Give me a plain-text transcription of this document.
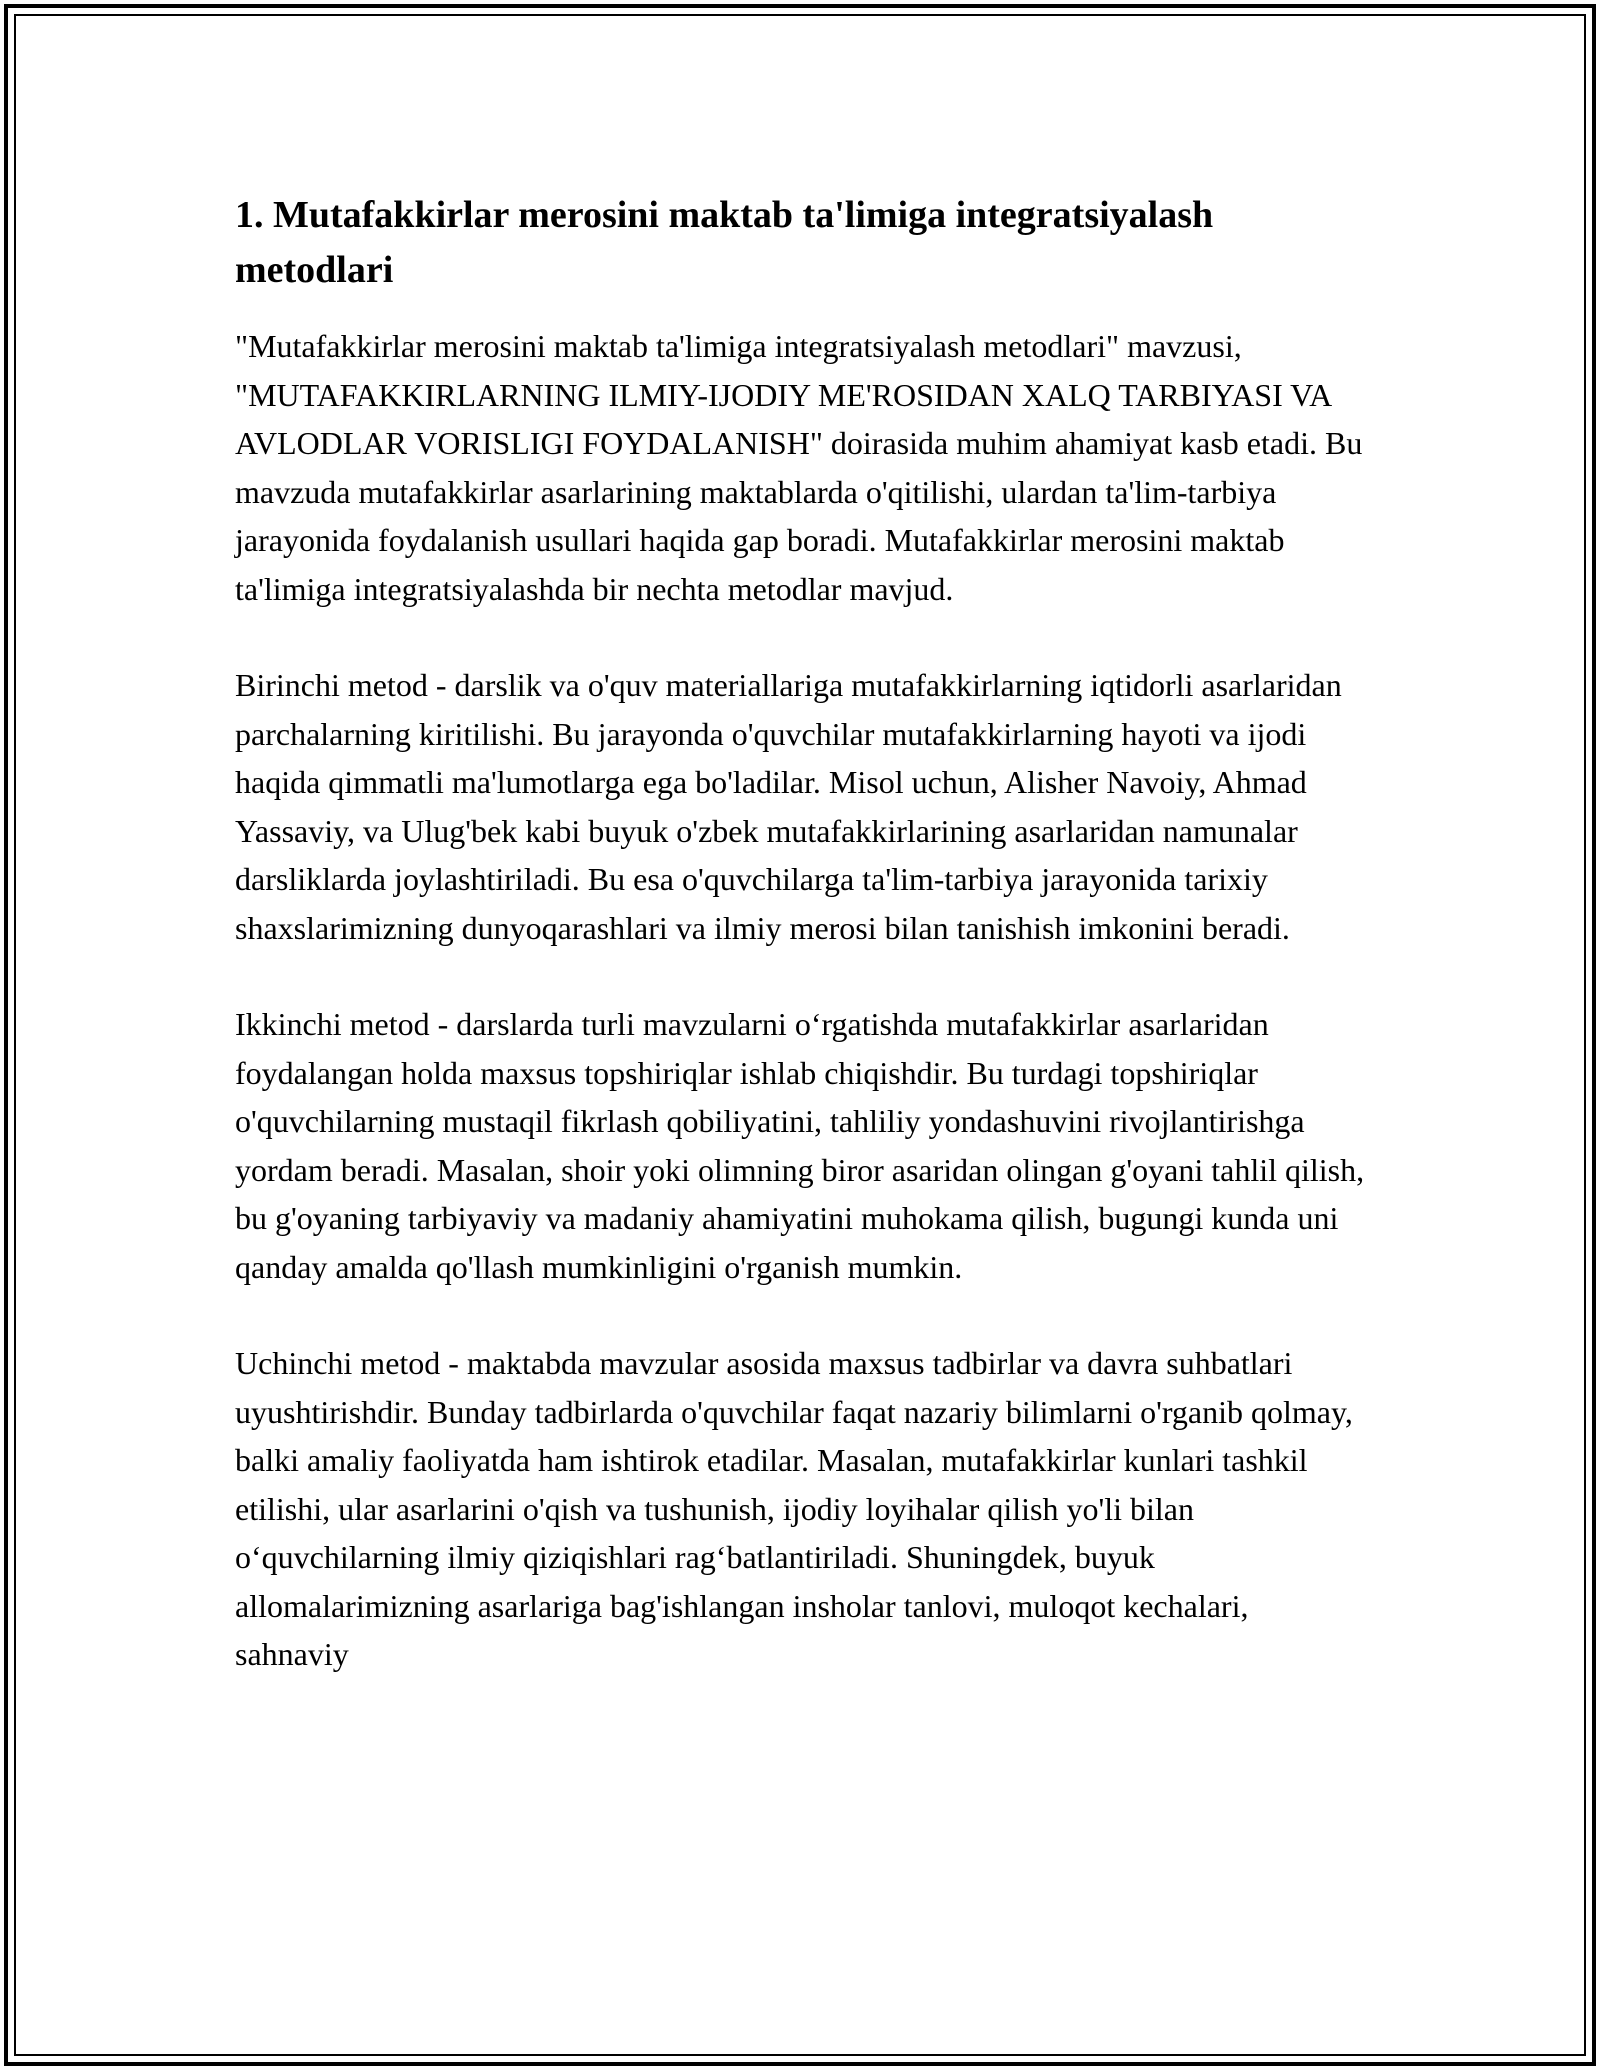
1. Mutafakkirlar merosini maktab ta'limiga integratsiyalash metodlari

"Mutafakkirlar merosini maktab ta'limiga integratsiyalash metodlari" mavzusi, "MUTAFAKKIRLARNING ILMIY-IJODIY ME'ROSIDAN XALQ TARBIYASI VA AVLODLAR VORISLIGI FOYDALANISH" doirasida muhim ahamiyat kasb etadi. Bu mavzuda mutafakkirlar asarlarining maktablarda o'qitilishi, ulardan ta'lim-tarbiya jarayonida foydalanish usullari haqida gap boradi. Mutafakkirlar merosini maktab ta'limiga integratsiyalashda bir nechta metodlar mavjud.

Birinchi metod - darslik va o'quv materiallariga mutafakkirlarning iqtidorli asarlaridan parchalarning kiritilishi. Bu jarayonda o'quvchilar mutafakkirlarning hayoti va ijodi haqida qimmatli ma'lumotlarga ega bo'ladilar. Misol uchun, Alisher Navoiy, Ahmad Yassaviy, va Ulug'bek kabi buyuk o'zbek mutafakkirlarining asarlaridan namunalar darsliklarda joylashtiriladi. Bu esa o'quvchilarga ta'lim-tarbiya jarayonida tarixiy shaxslarimizning dunyoqarashlari va ilmiy merosi bilan tanishish imkonini beradi.

Ikkinchi metod - darslarda turli mavzularni o‘rgatishda mutafakkirlar asarlaridan foydalangan holda maxsus topshiriqlar ishlab chiqishdir. Bu turdagi topshiriqlar o'quvchilarning mustaqil fikrlash qobiliyatini, tahliliy yondashuvini rivojlantirishga yordam beradi. Masalan, shoir yoki olimning biror asaridan olingan g'oyani tahlil qilish, bu g'oyaning tarbiyaviy va madaniy ahamiyatini muhokama qilish, bugungi kunda uni qanday amalda qo'llash mumkinligini o'rganish mumkin.

Uchinchi metod - maktabda mavzular asosida maxsus tadbirlar va davra suhbatlari uyushtirishdir. Bunday tadbirlarda o'quvchilar faqat nazariy bilimlarni o'rganib qolmay, balki amaliy faoliyatda ham ishtirok etadilar. Masalan, mutafakkirlar kunlari tashkil etilishi, ular asarlarini o'qish va tushunish, ijodiy loyihalar qilish yo'li bilan o‘quvchilarning ilmiy qiziqishlari rag‘batlantiriladi. Shuningdek, buyuk allomalarimizning asarlariga bag'ishlangan insholar tanlovi, muloqot kechalari, sahnaviy
